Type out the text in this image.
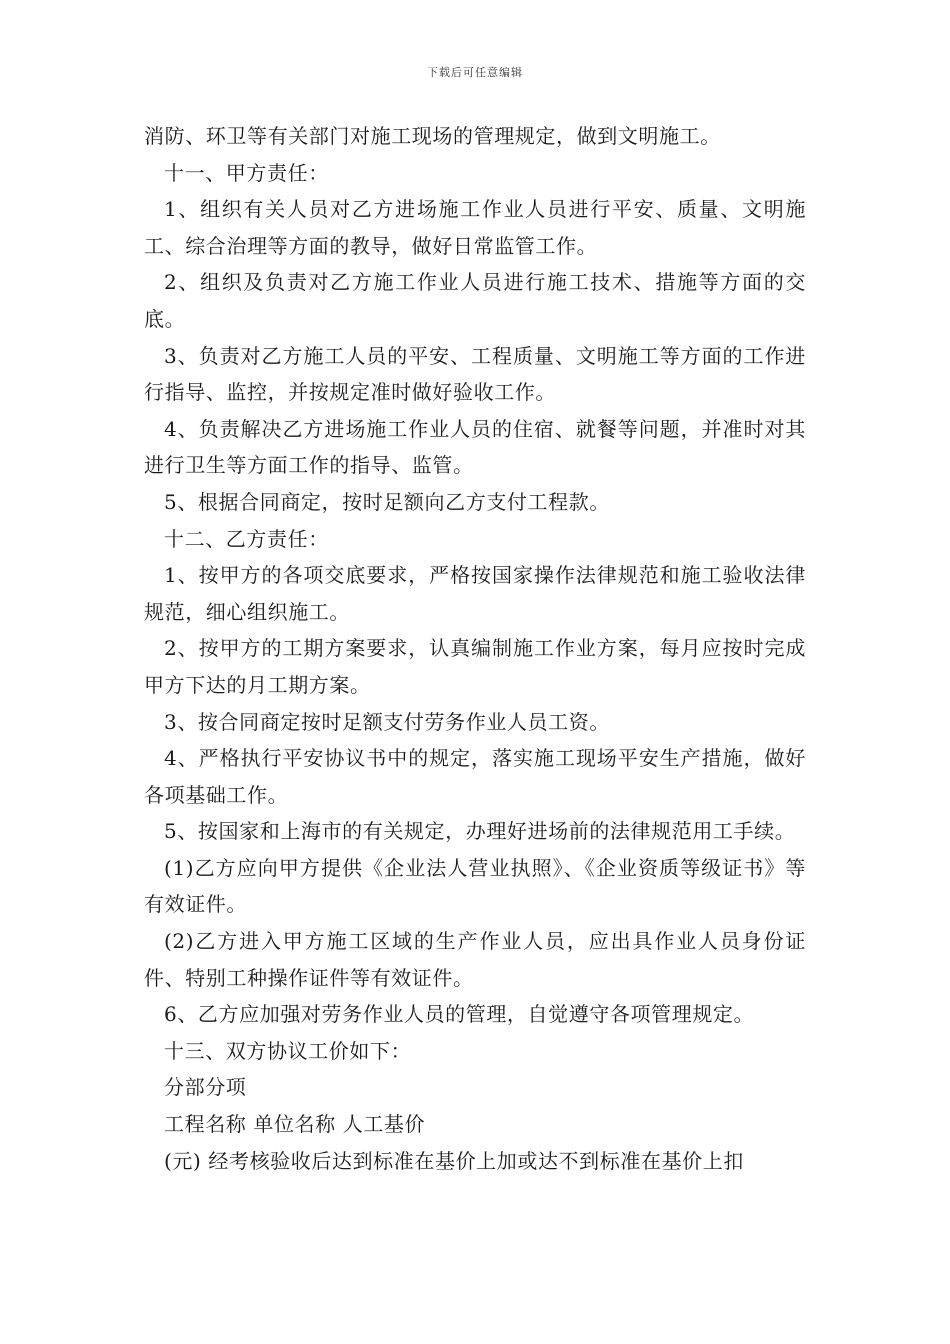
下载后可任意编辑

消防、环卫等有关部门对施工现场的管理规定，做到文明施工。

十一、甲方责任：

1、组织有关人员对乙方进场施工作业人员进行平安、质量、文明施工、综合治理等方面的教导，做好日常监管工作。

2、组织及负责对乙方施工作业人员进行施工技术、措施等方面的交底。

3、负责对乙方施工人员的平安、工程质量、文明施工等方面的工作进行指导、监控，并按规定准时做好验收工作。

4、负责解决乙方进场施工作业人员的住宿、就餐等问题，并准时对其进行卫生等方面工作的指导、监管。

5、根据合同商定，按时足额向乙方支付工程款。

十二、乙方责任：

1、按甲方的各项交底要求，严格按国家操作法律规范和施工验收法律规范，细心组织施工。

2、按甲方的工期方案要求，认真编制施工作业方案，每月应按时完成甲方下达的月工期方案。

3、按合同商定按时足额支付劳务作业人员工资。

4、严格执行平安协议书中的规定，落实施工现场平安生产措施，做好各项基础工作。

5、按国家和上海市的有关规定，办理好进场前的法律规范用工手续。

(1)乙方应向甲方提供《企业法人营业执照》、《企业资质等级证书》等有效证件。

(2)乙方进入甲方施工区域的生产作业人员，应出具作业人员身份证件、特别工种操作证件等有效证件。

6、乙方应加强对劳务作业人员的管理，自觉遵守各项管理规定。

十三、双方协议工价如下：

分部分项

工程名称 单位名称 人工基价

(元) 经考核验收后达到标准在基价上加或达不到标准在基价上扣
